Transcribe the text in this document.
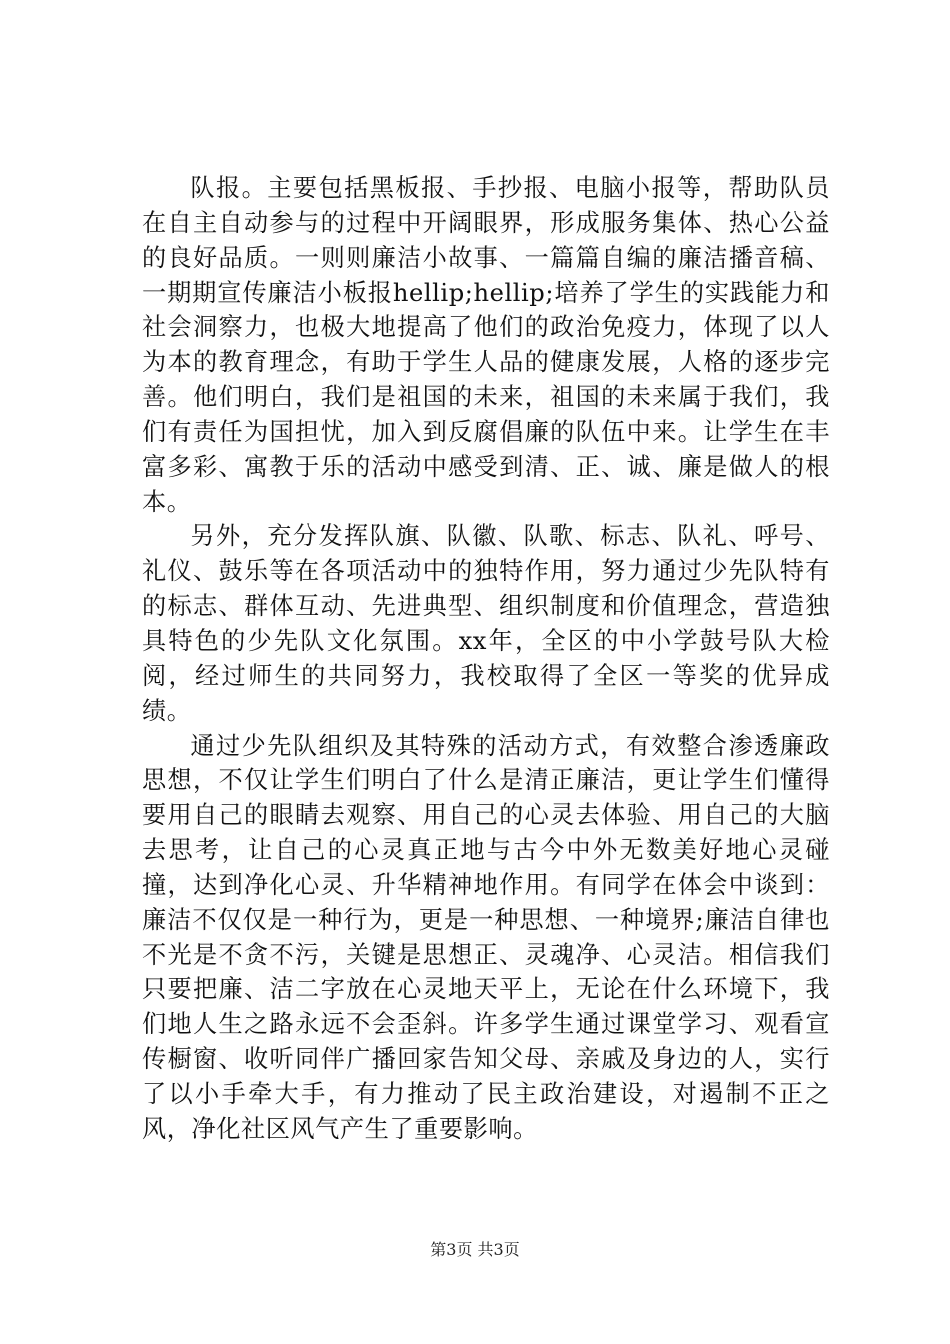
队报。主要包括黑板报、手抄报、电脑小报等，帮助队员在自主自动参与的过程中开阔眼界，形成服务集体、热心公益的良好品质。一则则廉洁小故事、一篇篇自编的廉洁播音稿、一期期宣传廉洁小板报hellip;hellip;培养了学生的实践能力和社会洞察力，也极大地提高了他们的政治免疫力，体现了以人为本的教育理念，有助于学生人品的健康发展，人格的逐步完善。他们明白，我们是祖国的未来，祖国的未来属于我们，我们有责任为国担忧，加入到反腐倡廉的队伍中来。让学生在丰富多彩、寓教于乐的活动中感受到清、正、诚、廉是做人的根本。

另外，充分发挥队旗、队徽、队歌、标志、队礼、呼号、礼仪、鼓乐等在各项活动中的独特作用，努力通过少先队特有的标志、群体互动、先进典型、组织制度和价值理念，营造独具特色的少先队文化氛围。xx年，全区的中小学鼓号队大检阅，经过师生的共同努力，我校取得了全区一等奖的优异成绩。

通过少先队组织及其特殊的活动方式，有效整合渗透廉政思想，不仅让学生们明白了什么是清正廉洁，更让学生们懂得要用自己的眼睛去观察、用自己的心灵去体验、用自己的大脑去思考，让自己的心灵真正地与古今中外无数美好地心灵碰撞，达到净化心灵、升华精神地作用。有同学在体会中谈到：廉洁不仅仅是一种行为，更是一种思想、一种境界;廉洁自律也不光是不贪不污，关键是思想正、灵魂净、心灵洁。相信我们只要把廉、洁二字放在心灵地天平上，无论在什么环境下，我们地人生之路永远不会歪斜。许多学生通过课堂学习、观看宣传橱窗、收听同伴广播回家告知父母、亲戚及身边的人，实行了以小手牵大手，有力推动了民主政治建设，对遏制不正之风，净化社区风气产生了重要影响。

第3页 共3页
